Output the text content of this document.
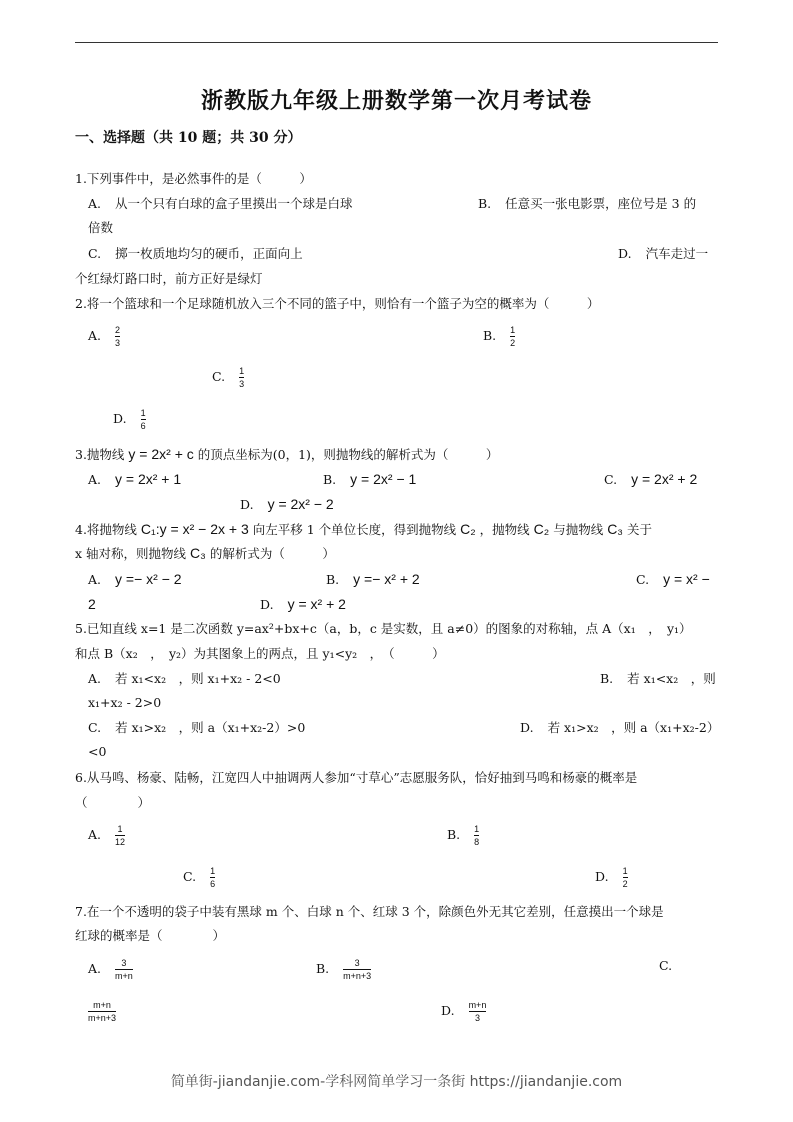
浙教版九年级上册数学第一次月考试卷
一、选择题（共 10 题；共 30 分）
1.下列事件中，是必然事件的是（　　　）
A. 从一个只有白球的盒子里摸出一个球是白球	B. 任意买一张电影票，座位号是 3 的
倍数
C. 掷一枚质地均匀的硬币，正面向上	D. 汽车走过一
个红绿灯路口时，前方正好是绿灯
2.将一个篮球和一个足球随机放入三个不同的篮子中，则恰有一个篮子为空的概率为（　　　）
A. $\frac{2}{3}$	B. $\frac{1}{2}$
C. $\frac{1}{3}$
D. $\frac{1}{6}$
3.抛物线 y = 2x² + c 的顶点坐标为(0，1)，则抛物线的解析式为（　　　）
A. y = 2x² + 1	B. y = 2x² − 1	C. y = 2x² + 2
D. y = 2x² − 2
4.将抛物线 C₁:y = x² − 2x + 3 向左平移 1 个单位长度，得到抛物线 C₂ ，抛物线 C₂ 与抛物线 C₃ 关于
x 轴对称，则抛物线 C₃ 的解析式为（　　　）
A. y =− x² − 2	B. y =− x² + 2	C. y = x² −
2	D. y = x² + 2
5.已知直线 x=1 是二次函数 y=ax²+bx+c（a，b，c 是实数，且 a≠0）的图象的对称轴，点 A（x₁　，　y₁）
和点 B（x₂　，　y₂）为其图象上的两点，且 y₁<y₂　，　（　　　）
A. 若 x₁<x₂　，则 x₁+x₂ - 2<0	B. 若 x₁<x₂　，则
x₁+x₂ - 2>0
C. 若 x₁>x₂　，则 a（x₁+x₂-2）>0	D. 若 x₁>x₂　，则 a（x₁+x₂-2）
<0
6.从马鸣、杨豪、陆畅，江宽四人中抽调两人参加“寸草心”志愿服务队，恰好抽到马鸣和杨豪的概率是
（　　　　）
A. $\frac{1}{12}$	B. $\frac{1}{8}$
C. $\frac{1}{6}$	D. $\frac{1}{2}$
7.在一个不透明的袋子中装有黑球 m 个、白球 n 个、红球 3 个，除颜色外无其它差别，任意摸出一个球是
红球的概率是（　　　　）
A. $\frac{3}{m+n}$	B. $\frac{3}{m+n+3}$	C.
$\frac{m+n}{m+n+3}$	D. $\frac{m+n}{3}$
简单街-jiandanjie.com-学科网简单学习一条街 https://jiandanjie.com
